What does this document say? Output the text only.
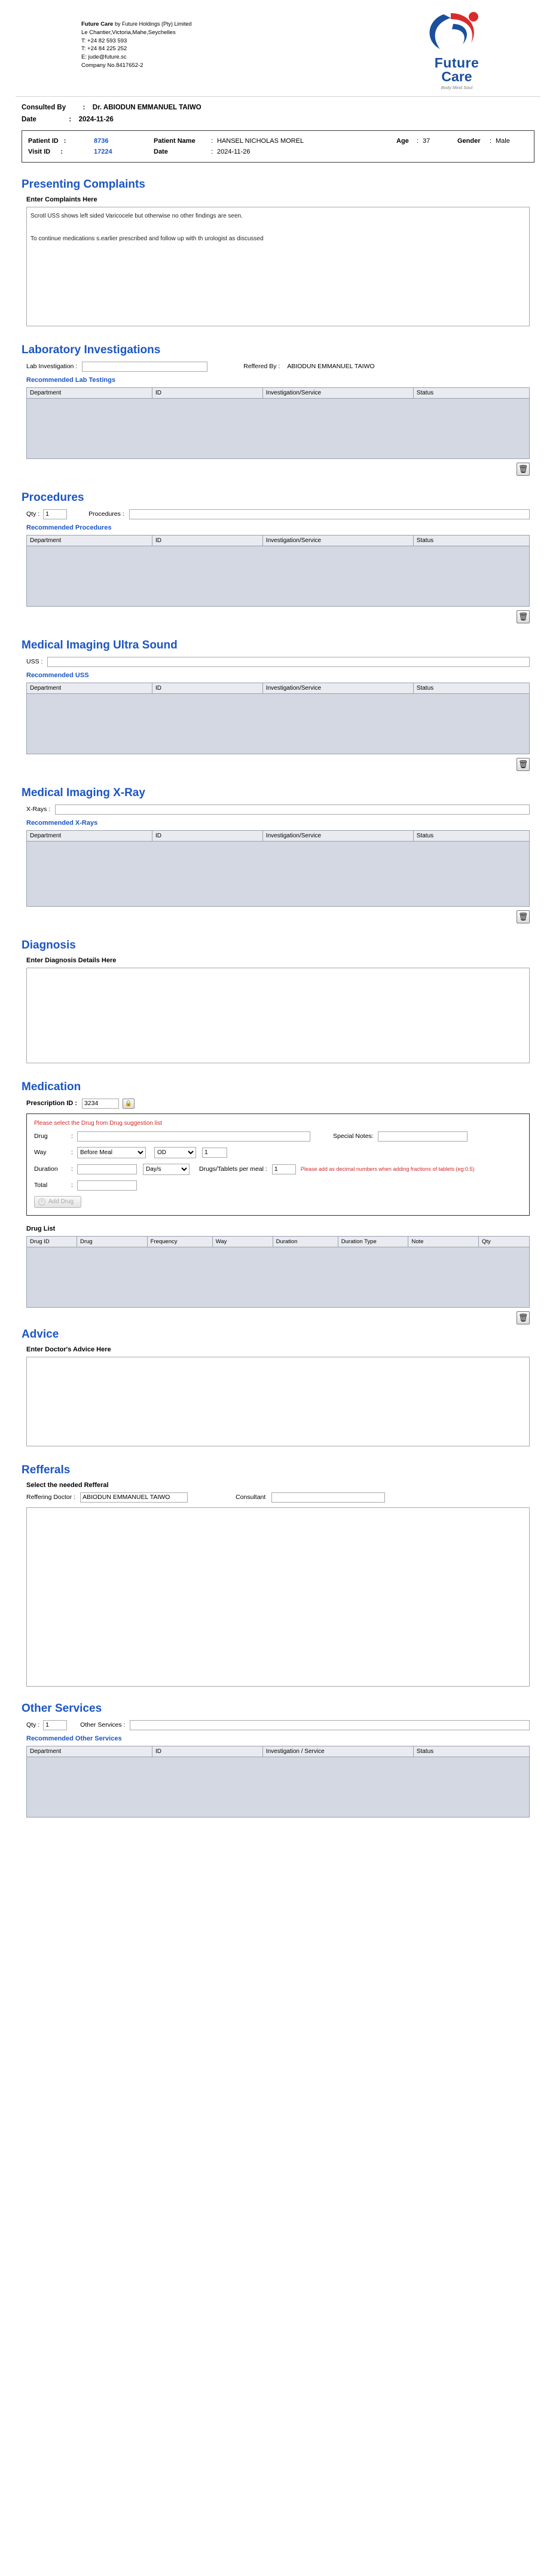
Future Care by Future Holdings (Pty) Limited
Le Chantier,Victoria,Mahe,Seychelles
T: +24 82 593 593
T: +24 84 225 252
E: jude@future.sc
Company No.8417652-2	Future
Care
Body Mind Soul
Consulted By : Dr. ABIODUN EMMANUEL TAIWO
Date	: 2024-11-26
Patient ID :	8736	Patient Name	: HANSEL NICHOLAS MOREL	Age	: 37	Gender	: Male
Visit ID :	17224	Date	: 2024-11-26
Presenting Complaints
Enter Complaints Here
Scrotl USS shows left sided Varicocele but otherwise no other findings are seen. To continue medications s.earlier prescribed and follow up with th urologist as discussed
Laboratory Investigations
Lab Investigation :	Reffered By : ABIODUN EMMANUEL TAIWO
Recommended Lab Testings
Department	ID	Investigation/Service	Status
🗑
Procedures
Qty :
1	Procedures :
Recommended Procedures
Department	ID	Investigation/Service	Status
🗑
Medical Imaging Ultra Sound
USS :
Recommended USS
Department	ID	Investigation/Service	Status
🗑
Medical Imaging X-Ray
X-Rays :
Recommended X-Rays
Department	ID	Investigation/Service	Status
🗑
Diagnosis
Enter Diagnosis Details Here
Medication
Prescription ID :
3234	🔒
Please select the Drug from Drug suggestion list
Drug	:	Special Notes :
Way	:
Before Meal
OD
1
Duration	:
Day/s	Drugs/Tablets per meal :
1	Please add as decimal numbers when adding fractions of tablets (eg:0.5)
Total	:
+ Add Drug
Drug List
Drug ID	Drug	Frequency	Way	Duration	Duration Type	Note	Qty
🗑
Advice
Enter Doctor's Advice Here
Refferals
Select the needed Refferal
Reffering Doctor :
ABIODUN EMMANUEL TAIWO	Consultant
Other Services
Qty :
1	Other Services :
Recommended Other Services
Department	ID	Investigation / Service	Status
